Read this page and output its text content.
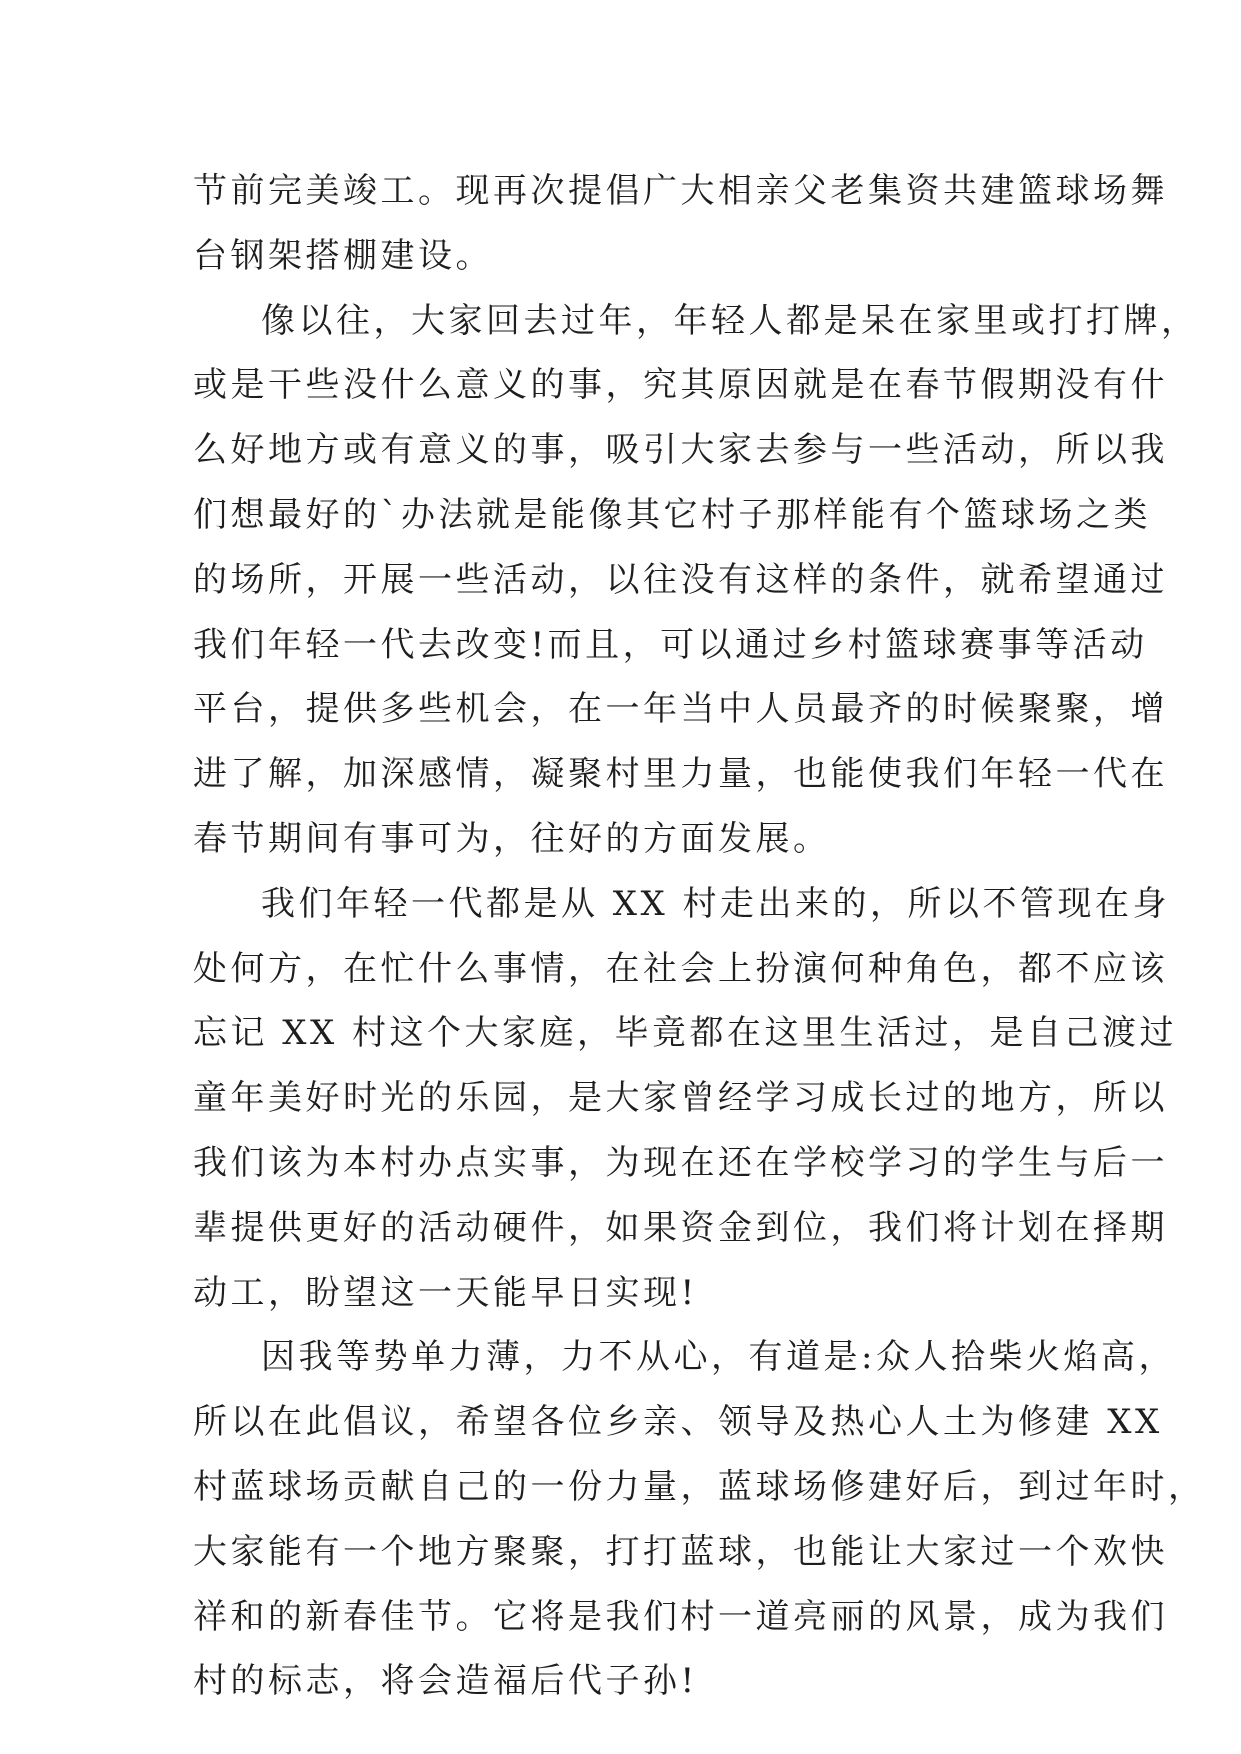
节前完美竣工。现再次提倡广大相亲父老集资共建篮球场舞
台钢架搭棚建设。
像以往，大家回去过年，年轻人都是呆在家里或打打牌，
或是干些没什么意义的事，究其原因就是在春节假期没有什
么好地方或有意义的事，吸引大家去参与一些活动，所以我
们想最好的`办法就是能像其它村子那样能有个篮球场之类
的场所，开展一些活动，以往没有这样的条件，就希望通过
我们年轻一代去改变!而且，可以通过乡村篮球赛事等活动
平台，提供多些机会，在一年当中人员最齐的时候聚聚，增
进了解，加深感情，凝聚村里力量，也能使我们年轻一代在
春节期间有事可为，往好的方面发展。
我们年轻一代都是从 XX 村走出来的，所以不管现在身
处何方，在忙什么事情，在社会上扮演何种角色，都不应该
忘记 XX 村这个大家庭，毕竟都在这里生活过，是自己渡过
童年美好时光的乐园，是大家曾经学习成长过的地方，所以
我们该为本村办点实事，为现在还在学校学习的学生与后一
辈提供更好的活动硬件，如果资金到位，我们将计划在择期
动工，盼望这一天能早日实现!
因我等势单力薄，力不从心，有道是:众人拾柴火焰高，
所以在此倡议，希望各位乡亲、领导及热心人土为修建 XX
村蓝球场贡献自己的一份力量，蓝球场修建好后，到过年时，
大家能有一个地方聚聚，打打蓝球，也能让大家过一个欢快
祥和的新春佳节。它将是我们村一道亮丽的风景，成为我们
村的标志，将会造福后代子孙!
